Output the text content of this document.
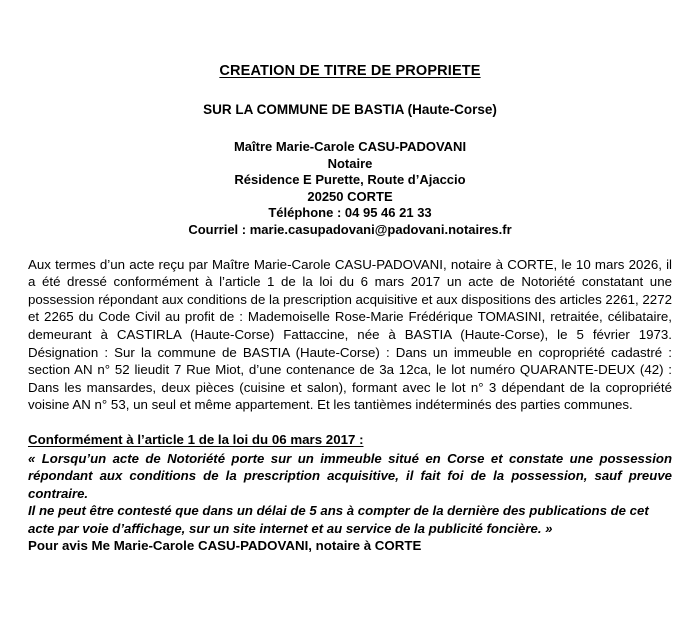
CREATION DE TITRE DE PROPRIETE
SUR LA COMMUNE DE BASTIA (Haute-Corse)
Maître Marie-Carole CASU-PADOVANI
Notaire
Résidence E Purette, Route d’Ajaccio
20250 CORTE
Téléphone : 04 95 46 21 33
Courriel : marie.casupadovani@padovani.notaires.fr

Aux termes d’un acte reçu par Maître Marie-Carole CASU-PADOVANI, notaire à CORTE, le 10 mars 2026, il a été dressé conformément à l’article 1 de la loi du 6 mars 2017 un acte de Notoriété constatant une possession répondant aux conditions de la prescription acquisitive et aux dispositions des articles 2261, 2272 et 2265 du Code Civil au profit de : Mademoiselle Rose-Marie Frédérique TOMASINI, retraitée, célibataire, demeurant à CASTIRLA (Haute-Corse) Fattaccine, née à BASTIA (Haute-Corse), le 5 février 1973. Désignation : Sur la commune de BASTIA (Haute-Corse) : Dans un immeuble en copropriété cadastré : section AN n° 52 lieudit 7 Rue Miot, d’une contenance de 3a 12ca, le lot numéro QUARANTE-DEUX (42) : Dans les mansardes, deux pièces (cuisine et salon), formant avec le lot n° 3 dépendant de la copropriété voisine AN n° 53, un seul et même appartement. Et les tantièmes indéterminés des parties communes.

Conformément à l’article 1 de la loi du 06 mars 2017 :

« Lorsqu’un acte de Notoriété porte sur un immeuble situé en Corse et constate une possession répondant aux conditions de la prescription acquisitive, il fait foi de la possession, sauf preuve contraire.

Il ne peut être contesté que dans un délai de 5 ans à compter de la dernière des publications de cet acte par voie d’affichage, sur un site internet et au service de la publicité foncière. »

Pour avis Me Marie-Carole CASU-PADOVANI, notaire à CORTE
